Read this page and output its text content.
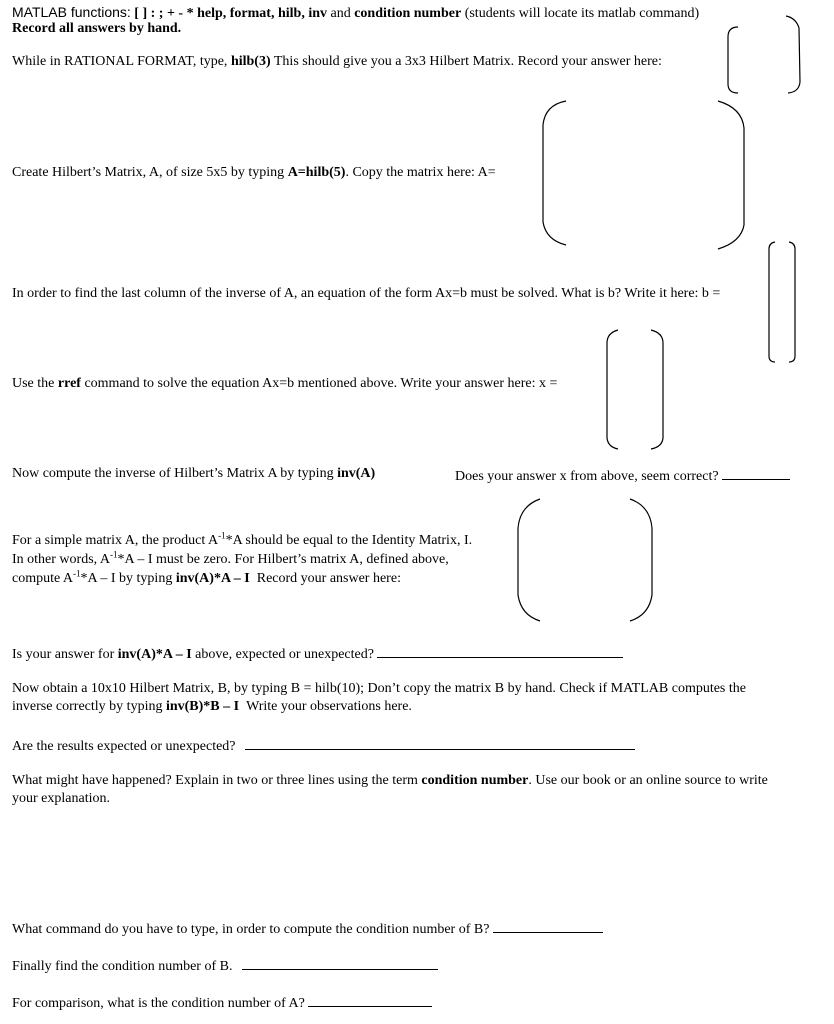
MATLAB functions: [ ] : ; + - * help, format, hilb, inv and condition number (students will locate its matlab command)
Record all answers by hand.
While in RATIONAL FORMAT, type, hilb(3) This should give you a 3x3 Hilbert Matrix. Record your answer here:
Create Hilbert’s Matrix, A, of size 5x5 by typing A=hilb(5). Copy the matrix here: A=
In order to find the last column of the inverse of A, an equation of the form Ax=b must be solved. What is b? Write it here: b =
Use the rref command to solve the equation Ax=b mentioned above. Write your answer here: x =
Now compute the inverse of Hilbert’s Matrix A by typing inv(A)	Does your answer x from above, seem correct?
For a simple matrix A, the product $A^{-1}*A$ should be equal to the Identity Matrix, I.
In other words, $A^{-1}*A$ – I must be zero. For Hilbert’s matrix A, defined above,
compute $A^{-1}*A$ – I by typing inv(A)*A – I Record your answer here:
Is your answer for inv(A)*A – I above, expected or unexpected?
Now obtain a 10x10 Hilbert Matrix, B, by typing B = hilb(10); Don’t copy the matrix B by hand. Check if MATLAB computes the
inverse correctly by typing inv(B)*B – I Write your observations here.
Are the results expected or unexpected?
What might have happened? Explain in two or three lines using the term condition number. Use our book or an online source to write
your explanation.
What command do you have to type, in order to compute the condition number of B?
Finally find the condition number of B.
For comparison, what is the condition number of A?
